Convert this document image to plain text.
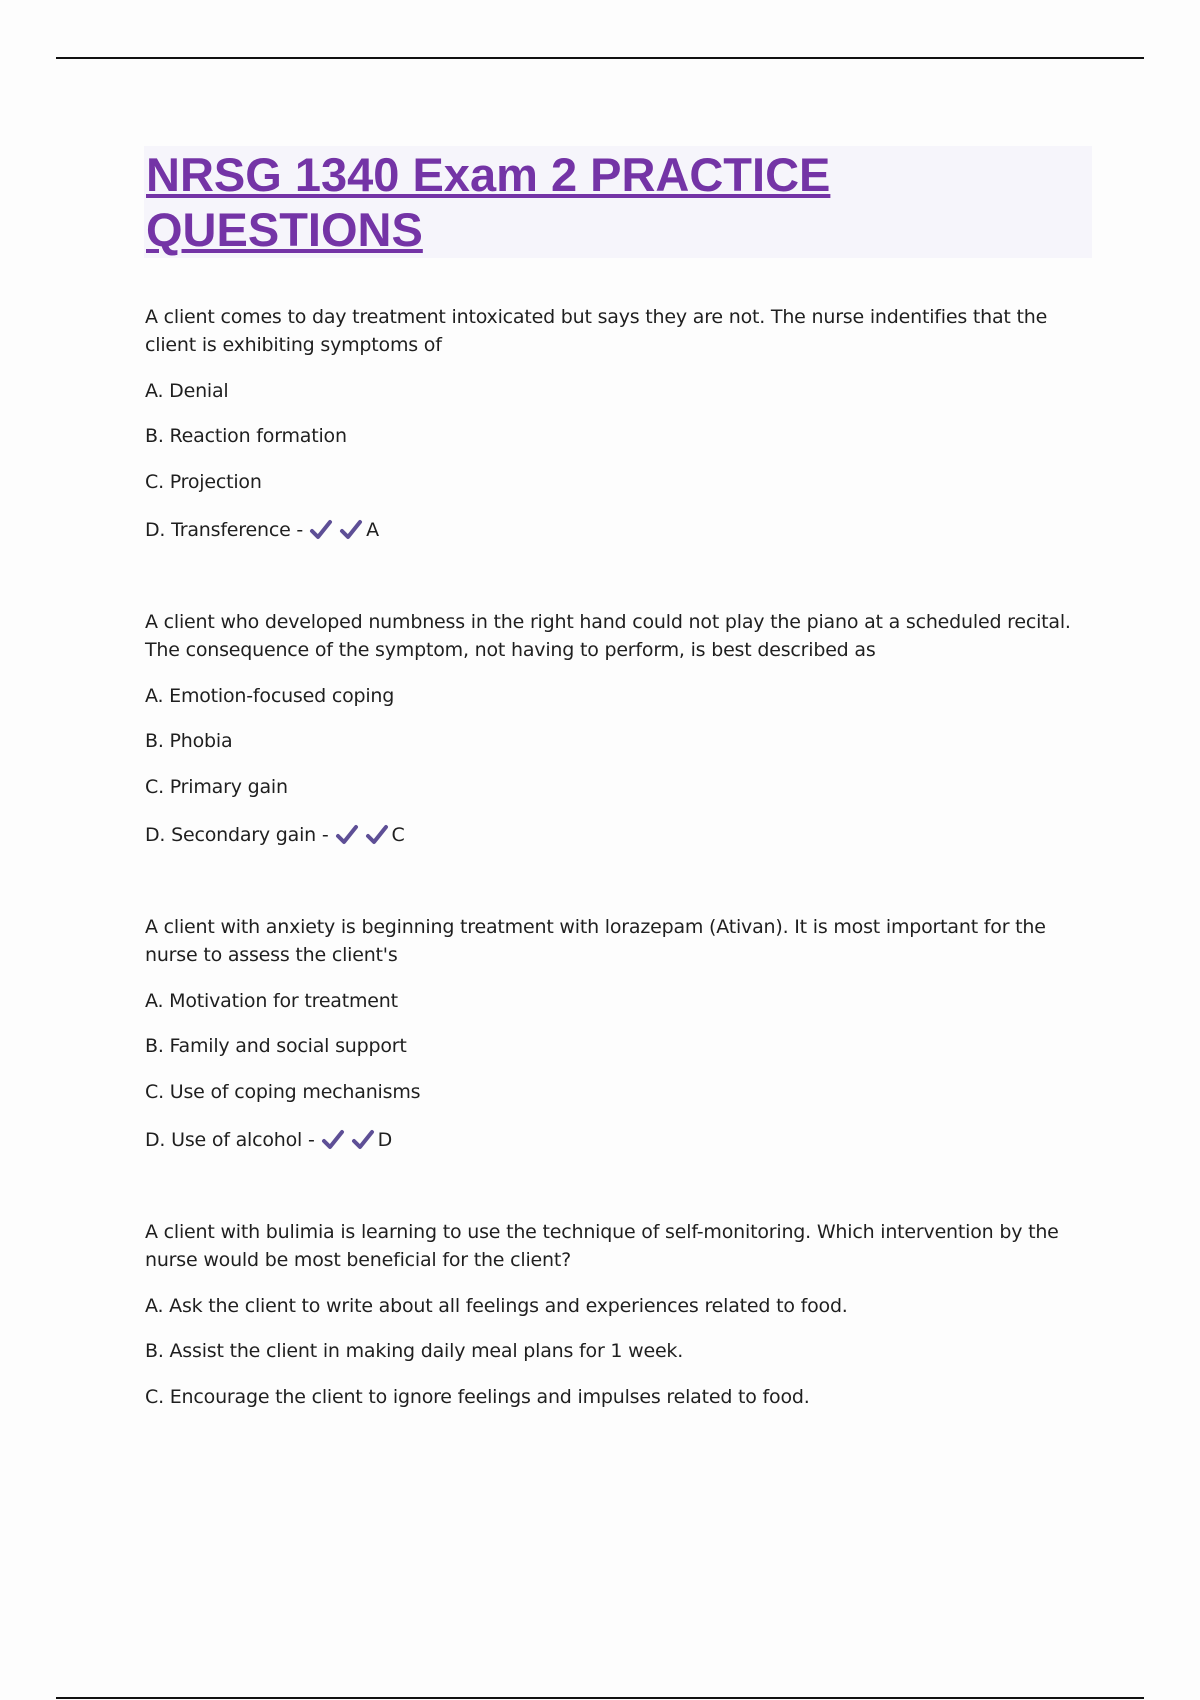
NRSG 1340 Exam 2 PRACTICE
QUESTIONS
A client comes to day treatment intoxicated but says they are not. The nurse indentifies that the client is exhibiting symptoms of
A. Denial
B. Reaction formation
C. Projection
D. Transference -	A
A client who developed numbness in the right hand could not play the piano at a scheduled recital. The consequence of the symptom, not having to perform, is best described as
A. Emotion-focused coping
B. Phobia
C. Primary gain
D. Secondary gain -	C
A client with anxiety is beginning treatment with lorazepam (Ativan). It is most important for the nurse to assess the client's
A. Motivation for treatment
B. Family and social support
C. Use of coping mechanisms
D. Use of alcohol -	D
A client with bulimia is learning to use the technique of self-monitoring. Which intervention by the nurse would be most beneficial for the client?
A. Ask the client to write about all feelings and experiences related to food.
B. Assist the client in making daily meal plans for 1 week.
C. Encourage the client to ignore feelings and impulses related to food.
